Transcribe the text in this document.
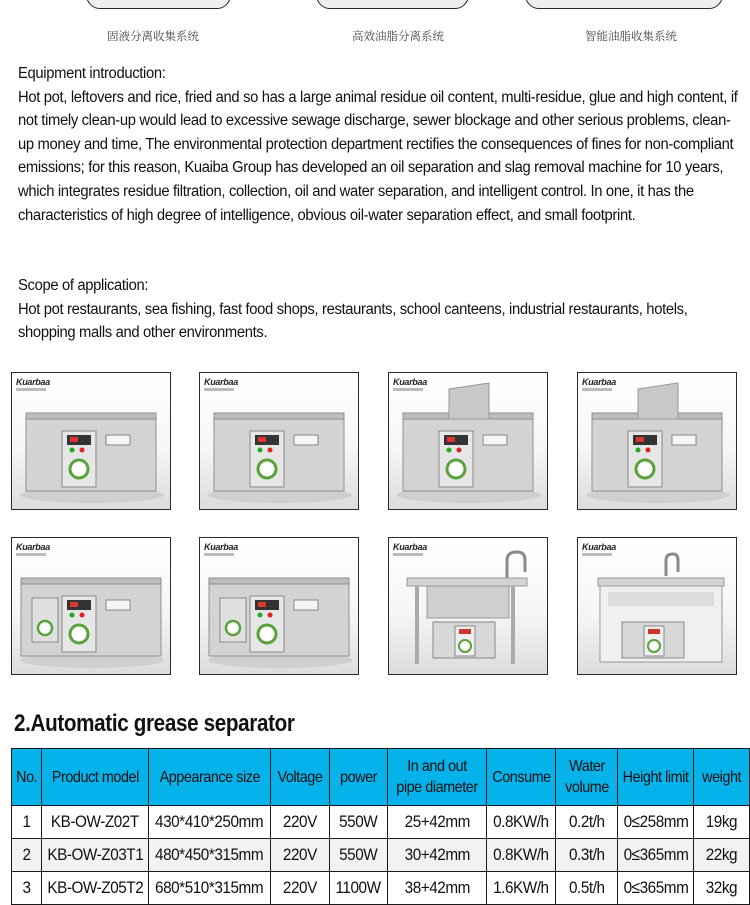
固液分离收集系统	高效油脂分离系统	智能油脂收集系统

Equipment introduction:

Hot pot, leftovers and rice, fried and so has a large animal residue oil content, multi-residue, glue and high content, if not timely clean-up would lead to excessive sewage discharge, sewer blockage and other serious problems, clean-up money and time, The environmental protection department rectifies the consequences of fines for non-compliant emissions; for this reason, Kuaiba Group has developed an oil separation and slag removal machine for 10 years, which integrates residue filtration, collection, oil and water separation, and intelligent control. In one, it has the characteristics of high degree of intelligence, obvious oil-water separation effect, and small footprint.

Scope of application:

Hot pot restaurants, sea fishing, fast food shops, restaurants, school canteens, industrial restaurants, hotels, shopping malls and other environments.

Kuarbaa	Kuarbaa	Kuarbaa	Kuarbaa
Kuarbaa	Kuarbaa	Kuarbaa	Kuarbaa
2.Automatic grease separator
No.	Product model	Appearance size	Voltage	power	In and out pipe diameter	Consume	Water volume	Height limit	weight
1	KB-OW-Z02T	430*410*250mm	220V	550W	25+42mm	0.8KW/h	0.2t/h	0≤258mm	19kg
2	KB-OW-Z03T1	480*450*315mm	220V	550W	30+42mm	0.8KW/h	0.3t/h	0≤365mm	22kg
3	KB-OW-Z05T2	680*510*315mm	220V	1100W	38+42mm	1.6KW/h	0.5t/h	0≤365mm	32kg
